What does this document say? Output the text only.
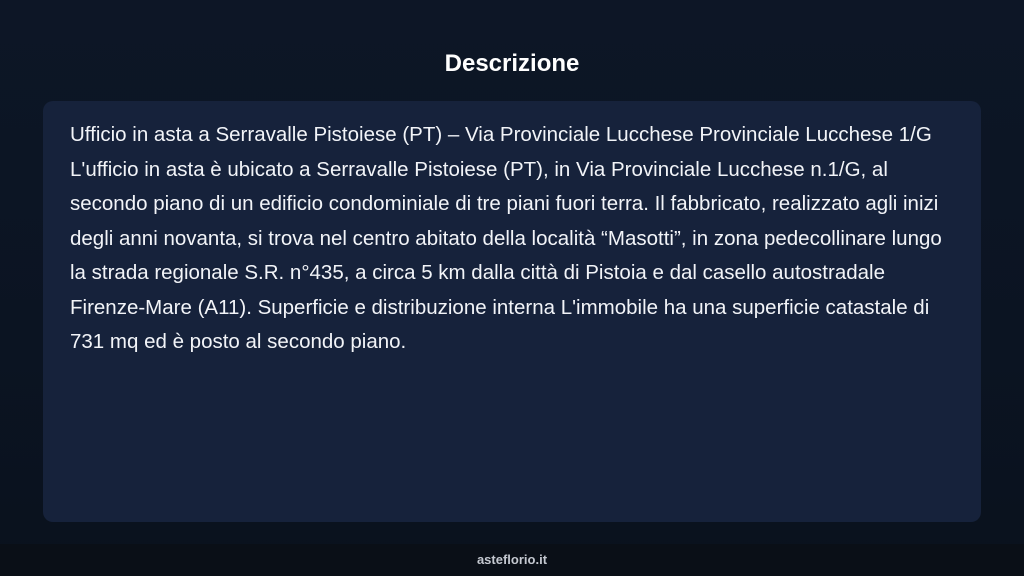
Descrizione

Ufficio in asta a Serravalle Pistoiese (PT) – Via Provinciale Lucchese Provinciale Lucchese 1/G L'ufficio in asta è ubicato a Serravalle Pistoiese (PT), in Via Provinciale Lucchese n.1/G, al secondo piano di un edificio condominiale di tre piani fuori terra. Il fabbricato, realizzato agli inizi degli anni novanta, si trova nel centro abitato della località “Masotti”, in zona pedecollinare lungo la strada regionale S.R. n°435, a circa 5 km dalla città di Pistoia e dal casello autostradale Firenze-Mare (A11). Superficie e distribuzione interna L'immobile ha una superficie catastale di 731 mq ed è posto al secondo piano.

asteflorio.it
